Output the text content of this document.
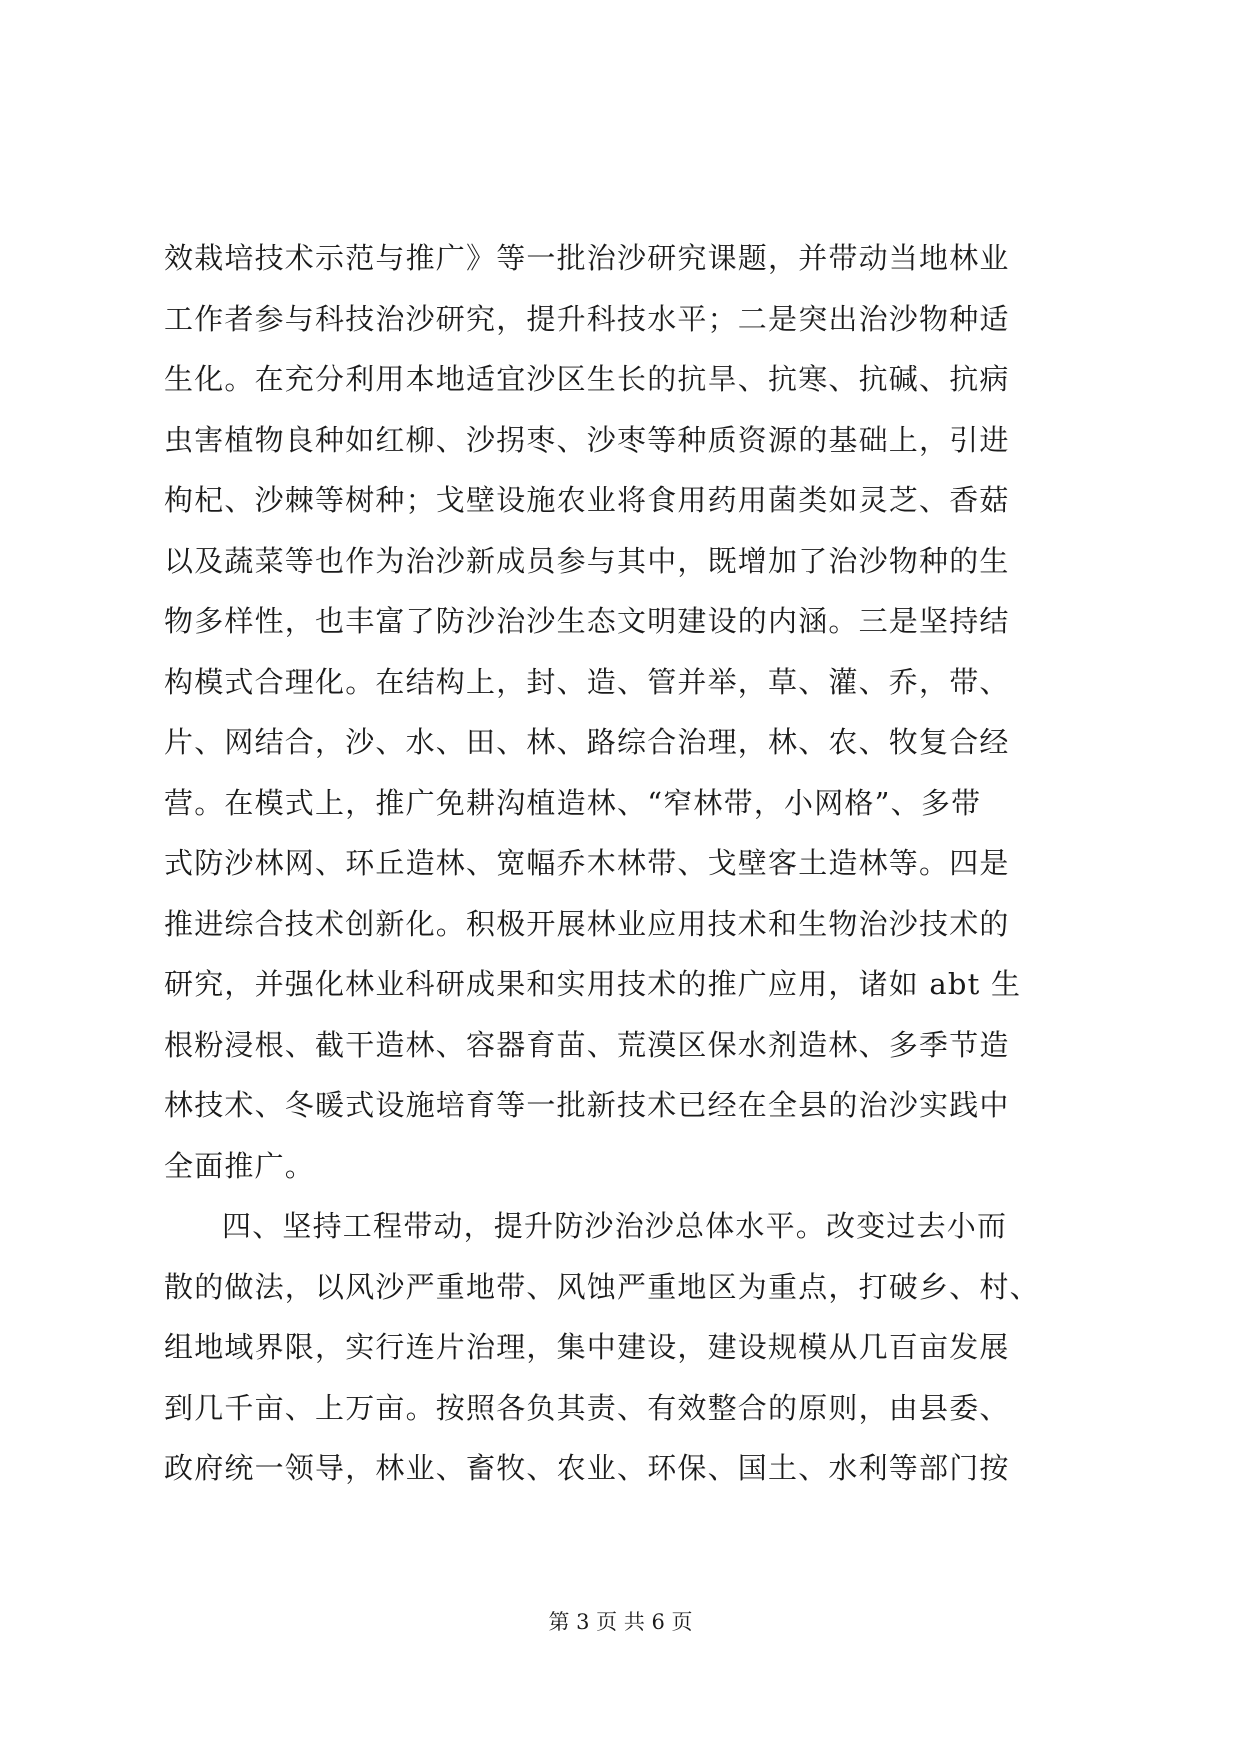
效栽培技术示范与推广》等一批治沙研究课题，并带动当地林业
工作者参与科技治沙研究，提升科技水平；二是突出治沙物种适
生化。在充分利用本地适宜沙区生长的抗旱、抗寒、抗碱、抗病
虫害植物良种如红柳、沙拐枣、沙枣等种质资源的基础上，引进
枸杞、沙棘等树种；戈壁设施农业将食用药用菌类如灵芝、香菇
以及蔬菜等也作为治沙新成员参与其中，既增加了治沙物种的生
物多样性，也丰富了防沙治沙生态文明建设的内涵。三是坚持结
构模式合理化。在结构上，封、造、管并举，草、灌、乔，带、
片、网结合，沙、水、田、林、路综合治理，林、农、牧复合经
营。在模式上，推广免耕沟植造林、“窄林带，小网格”、多带
式防沙林网、环丘造林、宽幅乔木林带、戈壁客土造林等。四是
推进综合技术创新化。积极开展林业应用技术和生物治沙技术的
研究，并强化林业科研成果和实用技术的推广应用，诸如 abt 生
根粉浸根、截干造林、容器育苗、荒漠区保水剂造林、多季节造
林技术、冬暖式设施培育等一批新技术已经在全县的治沙实践中
全面推广。
四、坚持工程带动，提升防沙治沙总体水平。改变过去小而
散的做法，以风沙严重地带、风蚀严重地区为重点，打破乡、村、
组地域界限，实行连片治理，集中建设，建设规模从几百亩发展
到几千亩、上万亩。按照各负其责、有效整合的原则，由县委、
政府统一领导，林业、畜牧、农业、环保、国土、水利等部门按
第 3 页 共 6 页
